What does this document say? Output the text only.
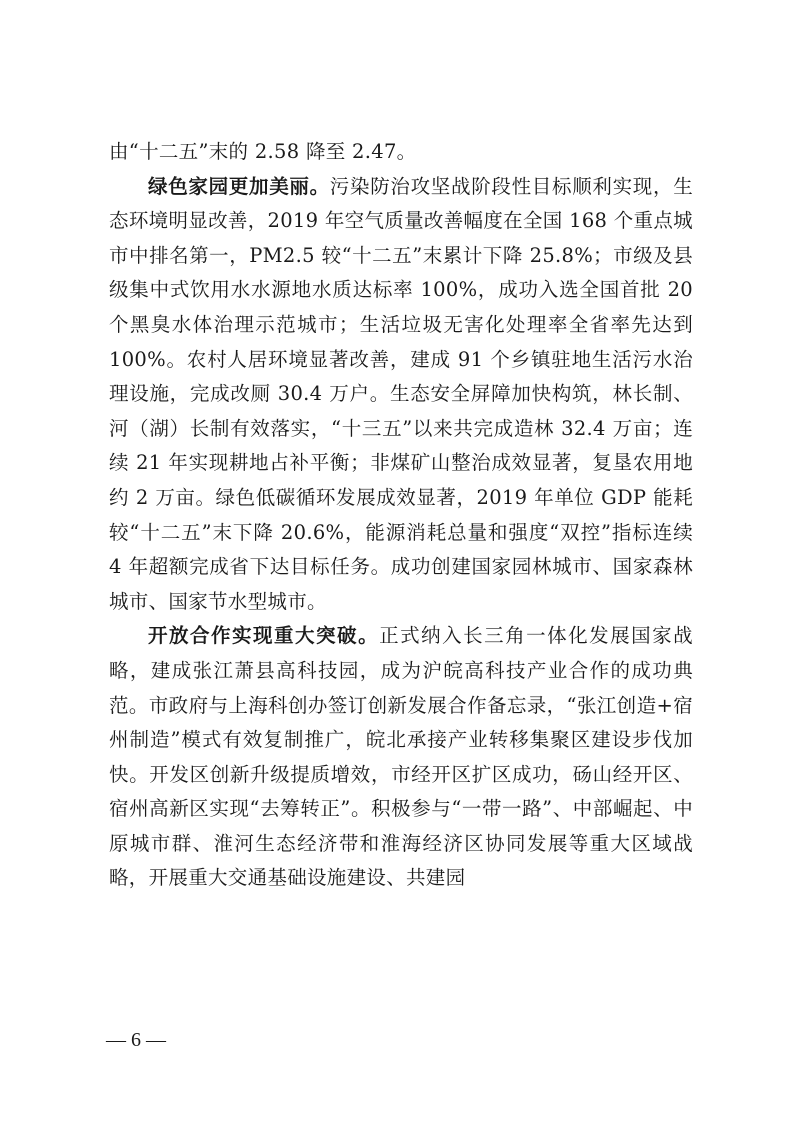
由“十二五”末的 2.58 降至 2.47。

绿色家园更加美丽。污染防治攻坚战阶段性目标顺利实现，生态环境明显改善，2019 年空气质量改善幅度在全国 168 个重点城市中排名第一，PM2.5 较“十二五”末累计下降 25.8%；市级及县级集中式饮用水水源地水质达标率 100%，成功入选全国首批 20 个黑臭水体治理示范城市；生活垃圾无害化处理率全省率先达到 100%。农村人居环境显著改善，建成 91 个乡镇驻地生活污水治理设施，完成改厕 30.4 万户。生态安全屏障加快构筑，林长制、河（湖）长制有效落实，“十三五”以来共完成造林 32.4 万亩；连续 21 年实现耕地占补平衡；非煤矿山整治成效显著，复垦农用地约 2 万亩。绿色低碳循环发展成效显著，2019 年单位 GDP 能耗较“十二五”末下降 20.6%，能源消耗总量和强度“双控”指标连续 4 年超额完成省下达目标任务。成功创建国家园林城市、国家森林城市、国家节水型城市。

开放合作实现重大突破。正式纳入长三角一体化发展国家战略，建成张江萧县高科技园，成为沪皖高科技产业合作的成功典范。市政府与上海科创办签订创新发展合作备忘录，“张江创造+宿州制造”模式有效复制推广，皖北承接产业转移集聚区建设步伐加快。开发区创新升级提质增效，市经开区扩区成功，砀山经开区、宿州高新区实现“去筹转正”。积极参与“一带一路”、中部崛起、中原城市群、淮河生态经济带和淮海经济区协同发展等重大区域战略，开展重大交通基础设施建设、共建园

— 6 —
